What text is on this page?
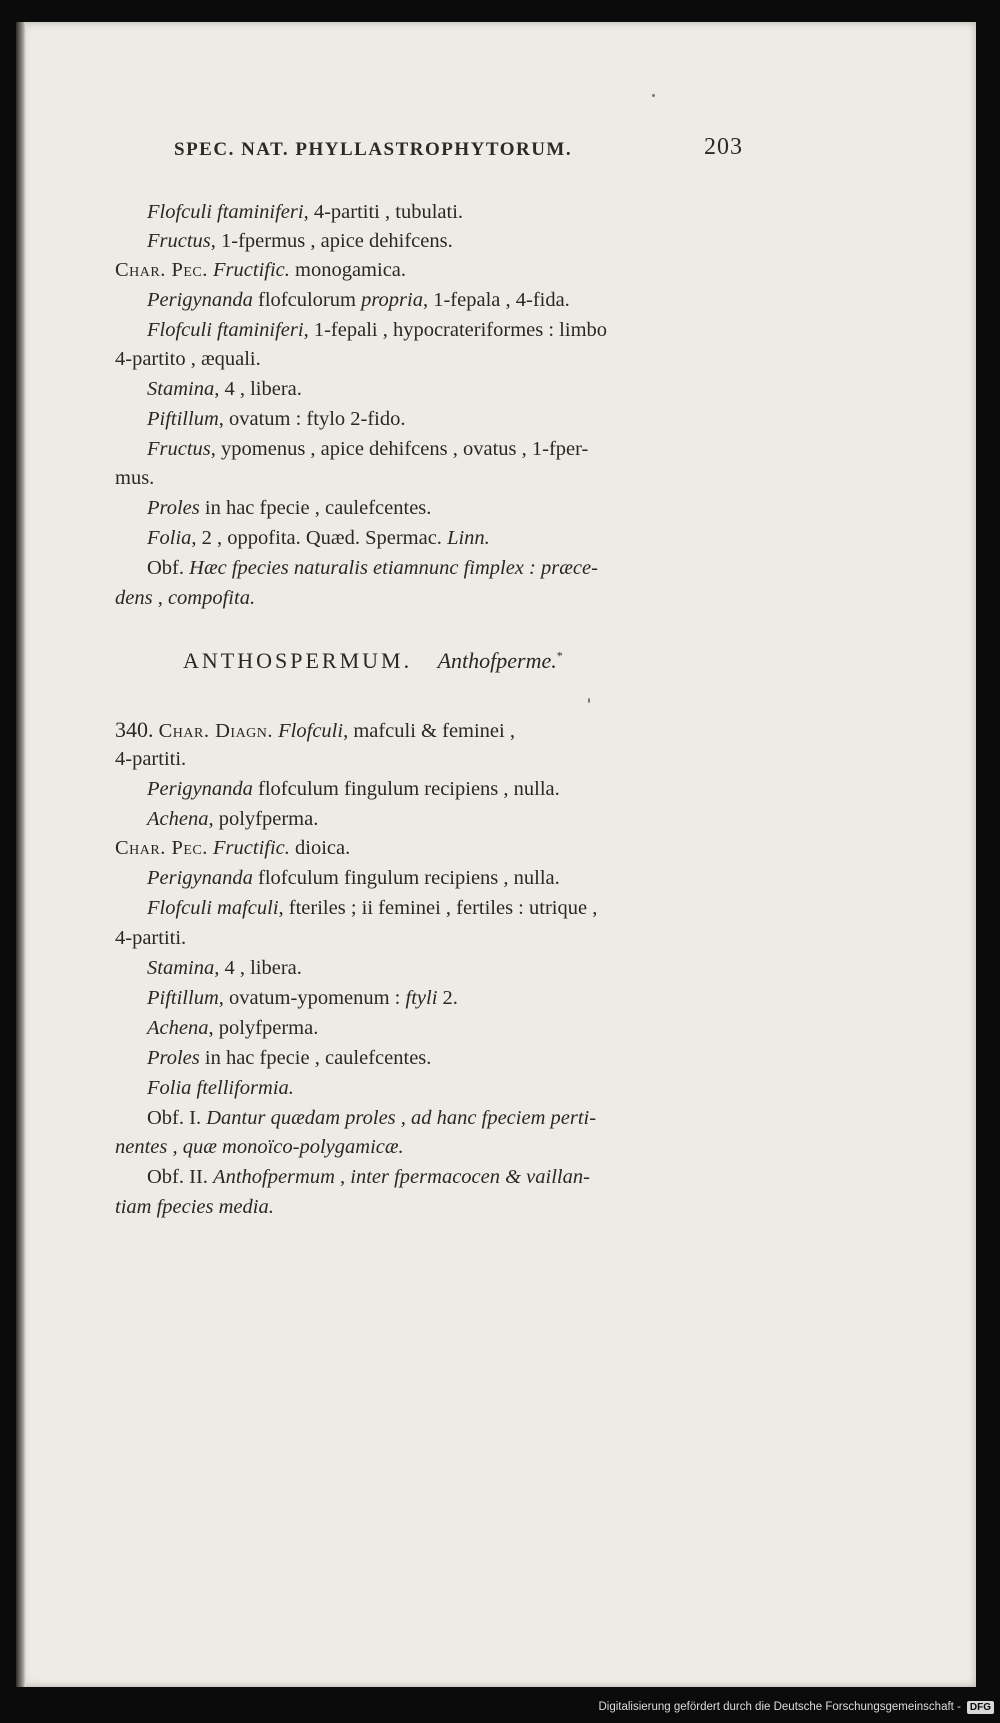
SPEC. NAT. PHYLLASTROPHYTORUM.	203
Flofculi ftaminiferi, 4-partiti , tubulati.
Fructus, 1-fpermus , apice dehifcens.
Char. Pec. Fructific. monogamica.
Perigynanda flofculorum propria, 1-fepala , 4-fida.
Flofculi ftaminiferi, 1-fepali , hypocrateriformes : limbo
4-partito , æquali.
Stamina, 4 , libera.
Piftillum, ovatum : ftylo 2-fido.
Fructus, ypomenus , apice dehifcens , ovatus , 1-fper-
mus.
Proles in hac fpecie , caulefcentes.
Folia, 2 , oppofita. Quæd. Spermac. Linn.
Obf. Hæc fpecies naturalis etiamnunc fimplex : præce-
dens , compofita.
ANTHOSPERMUM. Anthofperme.*
340. Char. Diagn. Flofculi, mafculi & feminei ,
4-partiti.
Perigynanda flofculum fingulum recipiens , nulla.
Achena, polyfperma.
Char. Pec. Fructific. dioica.
Perigynanda flofculum fingulum recipiens , nulla.
Flofculi mafculi, fteriles ; ii feminei , fertiles : utrique ,
4-partiti.
Stamina, 4 , libera.
Piftillum, ovatum-ypomenum : ftyli 2.
Achena, polyfperma.
Proles in hac fpecie , caulefcentes.
Folia ftelliformia.
Obf. I. Dantur quædam proles , ad hanc fpeciem perti-
nentes , quæ monoïco-polygamicæ.
Obf. II. Anthofpermum , inter fpermacocen & vaillan-
tiam fpecies media.
Digitalisierung gefördert durch die Deutsche Forschungsgemeinschaft - DFG
